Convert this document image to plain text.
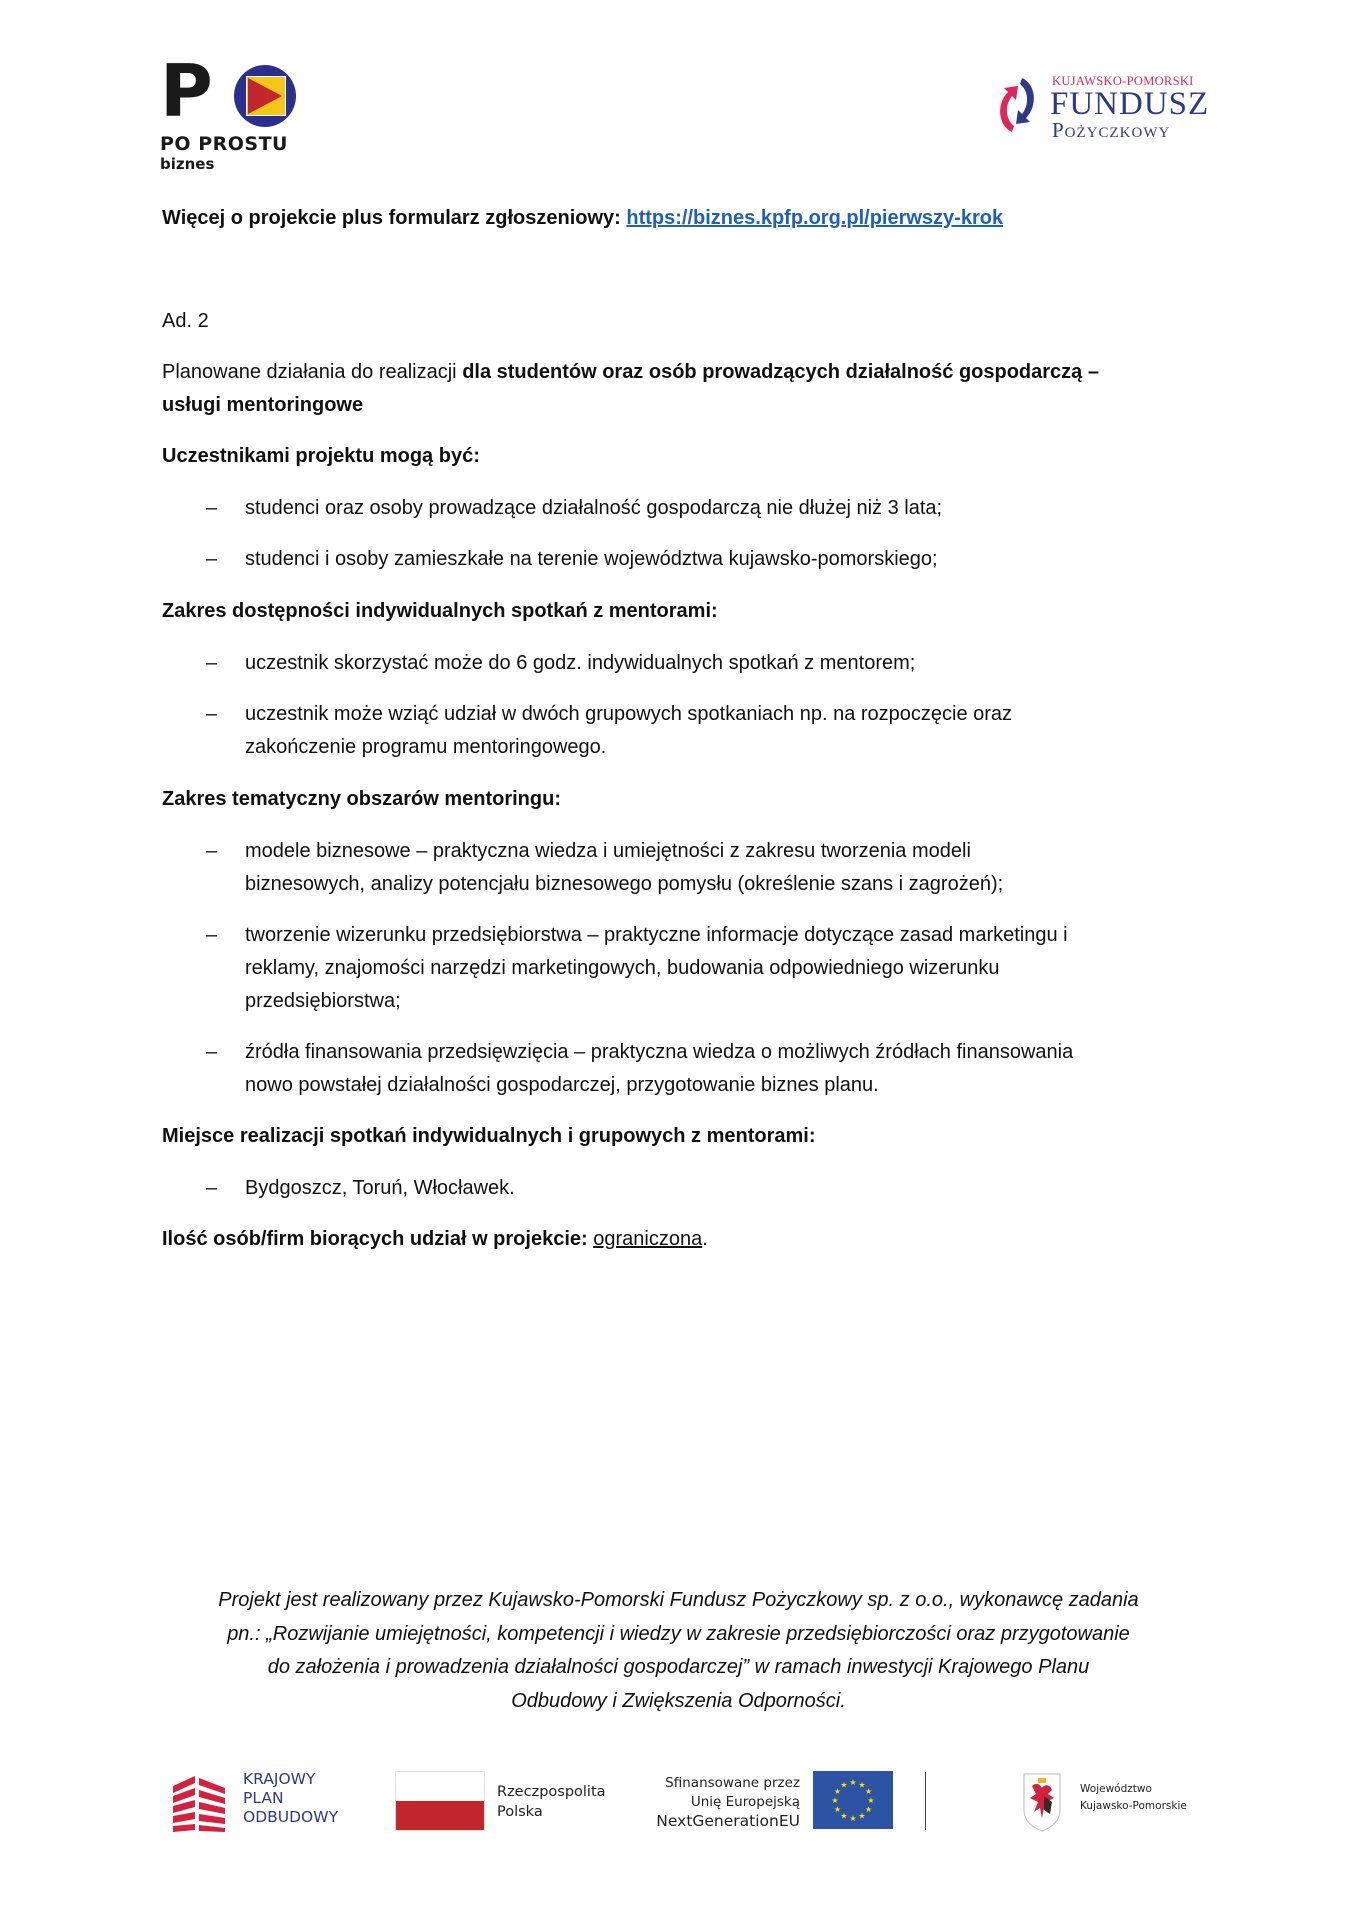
P
PO PROSTU
biznes
KUJAWSKO-POMORSKI
FUNDUSZ
Pożyczkowy
Więcej o projekcie plus formularz zgłoszeniowy: https://biznes.kpfp.org.pl/pierwszy-krok
Ad. 2
Planowane działania do realizacji dla studentów oraz osób prowadzących działalność gospodarczą –
usługi mentoringowe
Uczestnikami projektu mogą być:
– studenci oraz osoby prowadzące działalność gospodarczą nie dłużej niż 3 lata;
– studenci i osoby zamieszkałe na terenie województwa kujawsko-pomorskiego;
Zakres dostępności indywidualnych spotkań z mentorami:
– uczestnik skorzystać może do 6 godz. indywidualnych spotkań z mentorem;
– uczestnik może wziąć udział w dwóch grupowych spotkaniach np. na rozpoczęcie oraz
zakończenie programu mentoringowego.
Zakres tematyczny obszarów mentoringu:
– modele biznesowe – praktyczna wiedza i umiejętności z zakresu tworzenia modeli
biznesowych, analizy potencjału biznesowego pomysłu (określenie szans i zagrożeń);
– tworzenie wizerunku przedsiębiorstwa – praktyczne informacje dotyczące zasad marketingu i
reklamy, znajomości narzędzi marketingowych, budowania odpowiedniego wizerunku
przedsiębiorstwa;
– źródła finansowania przedsięwzięcia – praktyczna wiedza o możliwych źródłach finansowania
nowo powstałej działalności gospodarczej, przygotowanie biznes planu.
Miejsce realizacji spotkań indywidualnych i grupowych z mentorami:
– Bydgoszcz, Toruń, Włocławek.
Ilość osób/firm biorących udział w projekcie: ograniczona.
Projekt jest realizowany przez Kujawsko-Pomorski Fundusz Pożyczkowy sp. z o.o., wykonawcę zadania
pn.: „Rozwijanie umiejętności, kompetencji i wiedzy w zakresie przedsiębiorczości oraz przygotowanie
do założenia i prowadzenia działalności gospodarczej” w ramach inwestycji Krajowego Planu
Odbudowy i Zwiększenia Odporności.
KRAJOWY
PLAN
ODBUDOWY
Rzeczpospolita
Polska
Sfinansowane przez
Unię Europejską
NextGenerationEU
★ ★
★
★
★
★
★
★
★
★
★
★	Województwo
Kujawsko-Pomorskie
